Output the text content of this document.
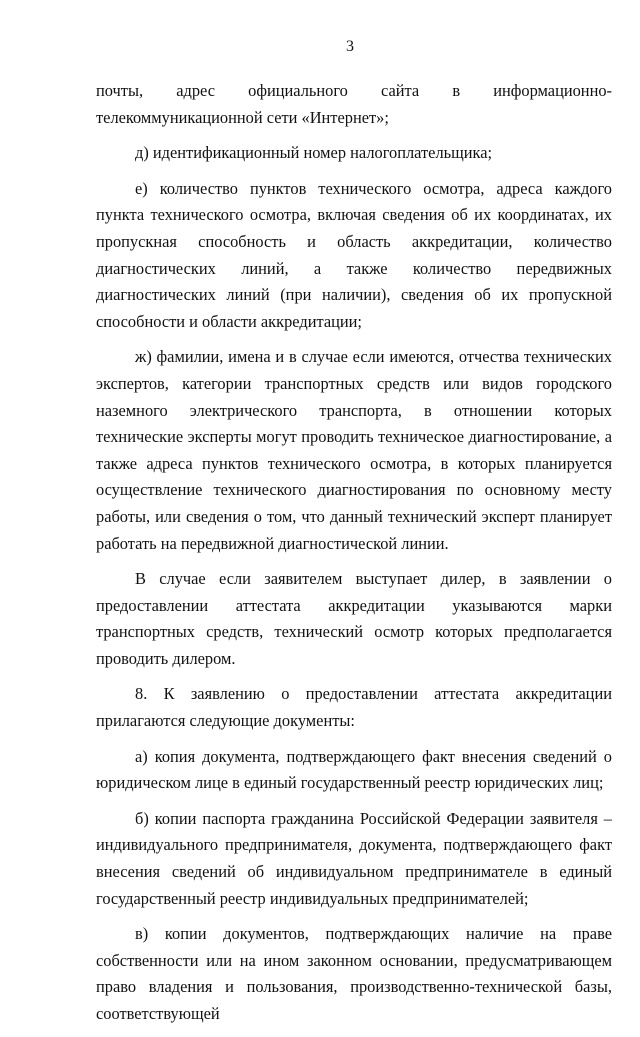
3

почты, адрес официального сайта в информационно-телекоммуникационной сети «Интернет»;

д) идентификационный номер налогоплательщика;

е) количество пунктов технического осмотра, адреса каждого пункта технического осмотра, включая сведения об их координатах, их пропускная способность и область аккредитации, количество диагностических линий, а также количество передвижных диагностических линий (при наличии), сведения об их пропускной способности и области аккредитации;

ж) фамилии, имена и в случае если имеются, отчества технических экспертов, категории транспортных средств или видов городского наземного электрического транспорта, в отношении которых технические эксперты могут проводить техническое диагностирование, а также адреса пунктов технического осмотра, в которых планируется осуществление технического диагностирования по основному месту работы, или сведения о том, что данный технический эксперт планирует работать на передвижной диагностической линии.

В случае если заявителем выступает дилер, в заявлении о предоставлении аттестата аккредитации указываются марки транспортных средств, технический осмотр которых предполагается проводить дилером.

8. К заявлению о предоставлении аттестата аккредитации прилагаются следующие документы:

а) копия документа, подтверждающего факт внесения сведений о юридическом лице в единый государственный реестр юридических лиц;

б) копии паспорта гражданина Российской Федерации заявителя – индивидуального предпринимателя, документа, подтверждающего факт внесения сведений об индивидуальном предпринимателе в единый государственный реестр индивидуальных предпринимателей;

в) копии документов, подтверждающих наличие на праве собственности или на ином законном основании, предусматривающем право владения и пользования, производственно-технической базы, соответствующей
